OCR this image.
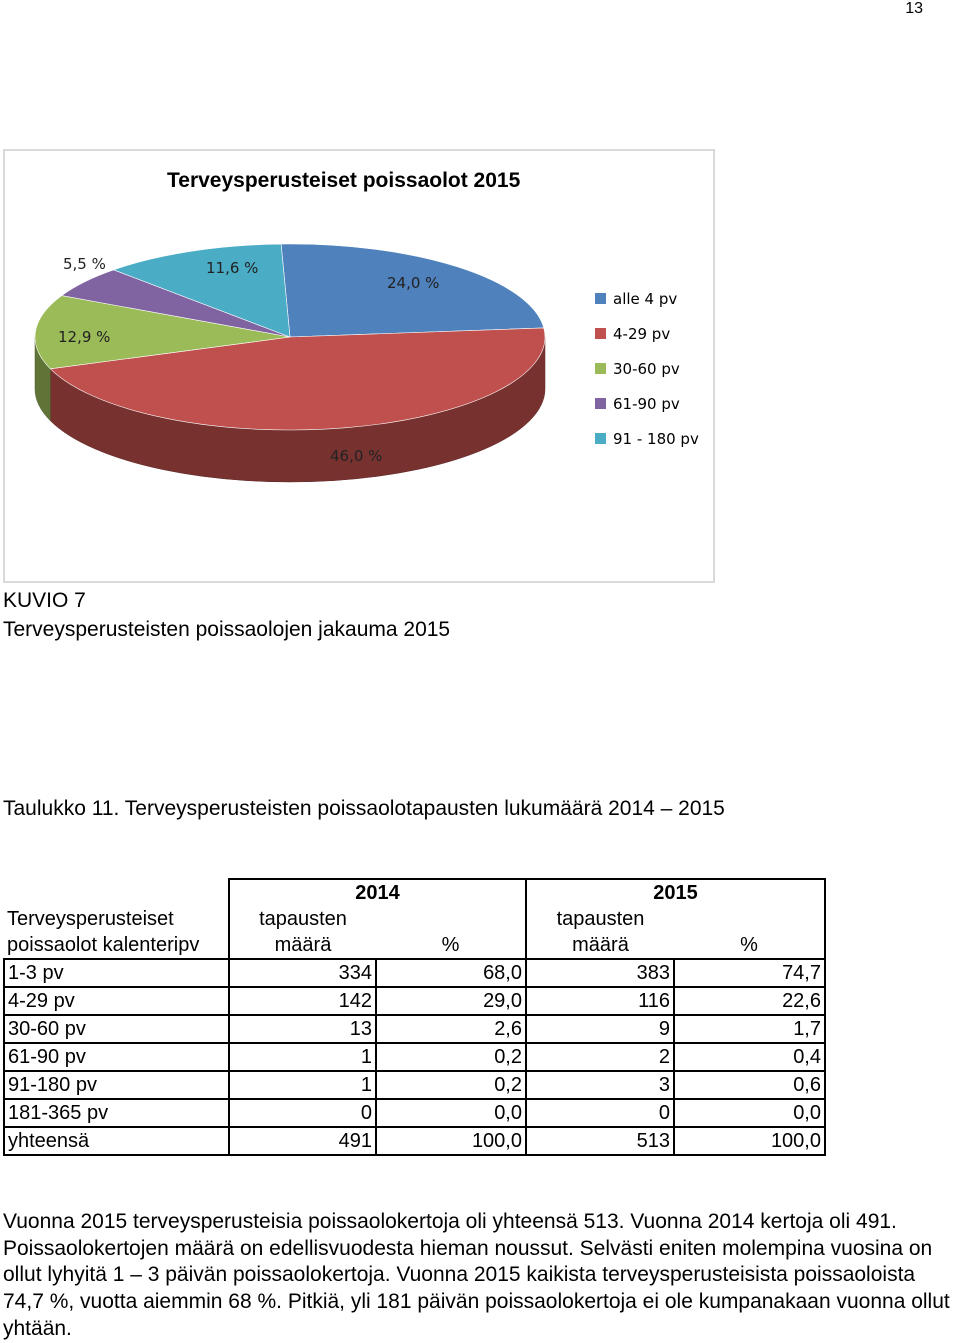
13
Terveysperusteiset poissaolot 2015
5,5 %	11,6 %
24,0 %
12,9 %
46,0 %
alle 4 pv
4-29 pv
30-60 pv
61-90 pv
91 - 180 pv
KUVIO 7
Terveysperusteisten poissaolojen jakauma 2015
Taulukko 11. Terveysperusteisten poissaolotapausten lukumäärä 2014 – 2015
	2014		2015	
Terveysperusteiset	tapausten		tapausten	
poissaolot kalenteripv	määrä	%	määrä	%
1-3 pv	334	68,0	383	74,7
4-29 pv	142	29,0	116	22,6
30-60 pv	13	2,6	9	1,7
61-90 pv	1	0,2	2	0,4
91-180 pv	1	0,2	3	0,6
181-365 pv	0	0,0	0	0,0
yhteensä	491	100,0	513	100,0
Vuonna 2015 terveysperusteisia poissaolokertoja oli yhteensä 513. Vuonna 2014 kertoja oli 491. Poissaolokertojen määrä on edellisvuodesta hieman noussut. Selvästi eniten molempina vuosina on ollut lyhyitä 1 – 3 päivän poissaolokertoja. Vuonna 2015 kaikista terveysperusteisista poissaoloista 74,7 %, vuotta aiemmin 68 %. Pitkiä, yli 181 päivän poissaolokertoja ei ole kumpanakaan vuonna ollut yhtään.
